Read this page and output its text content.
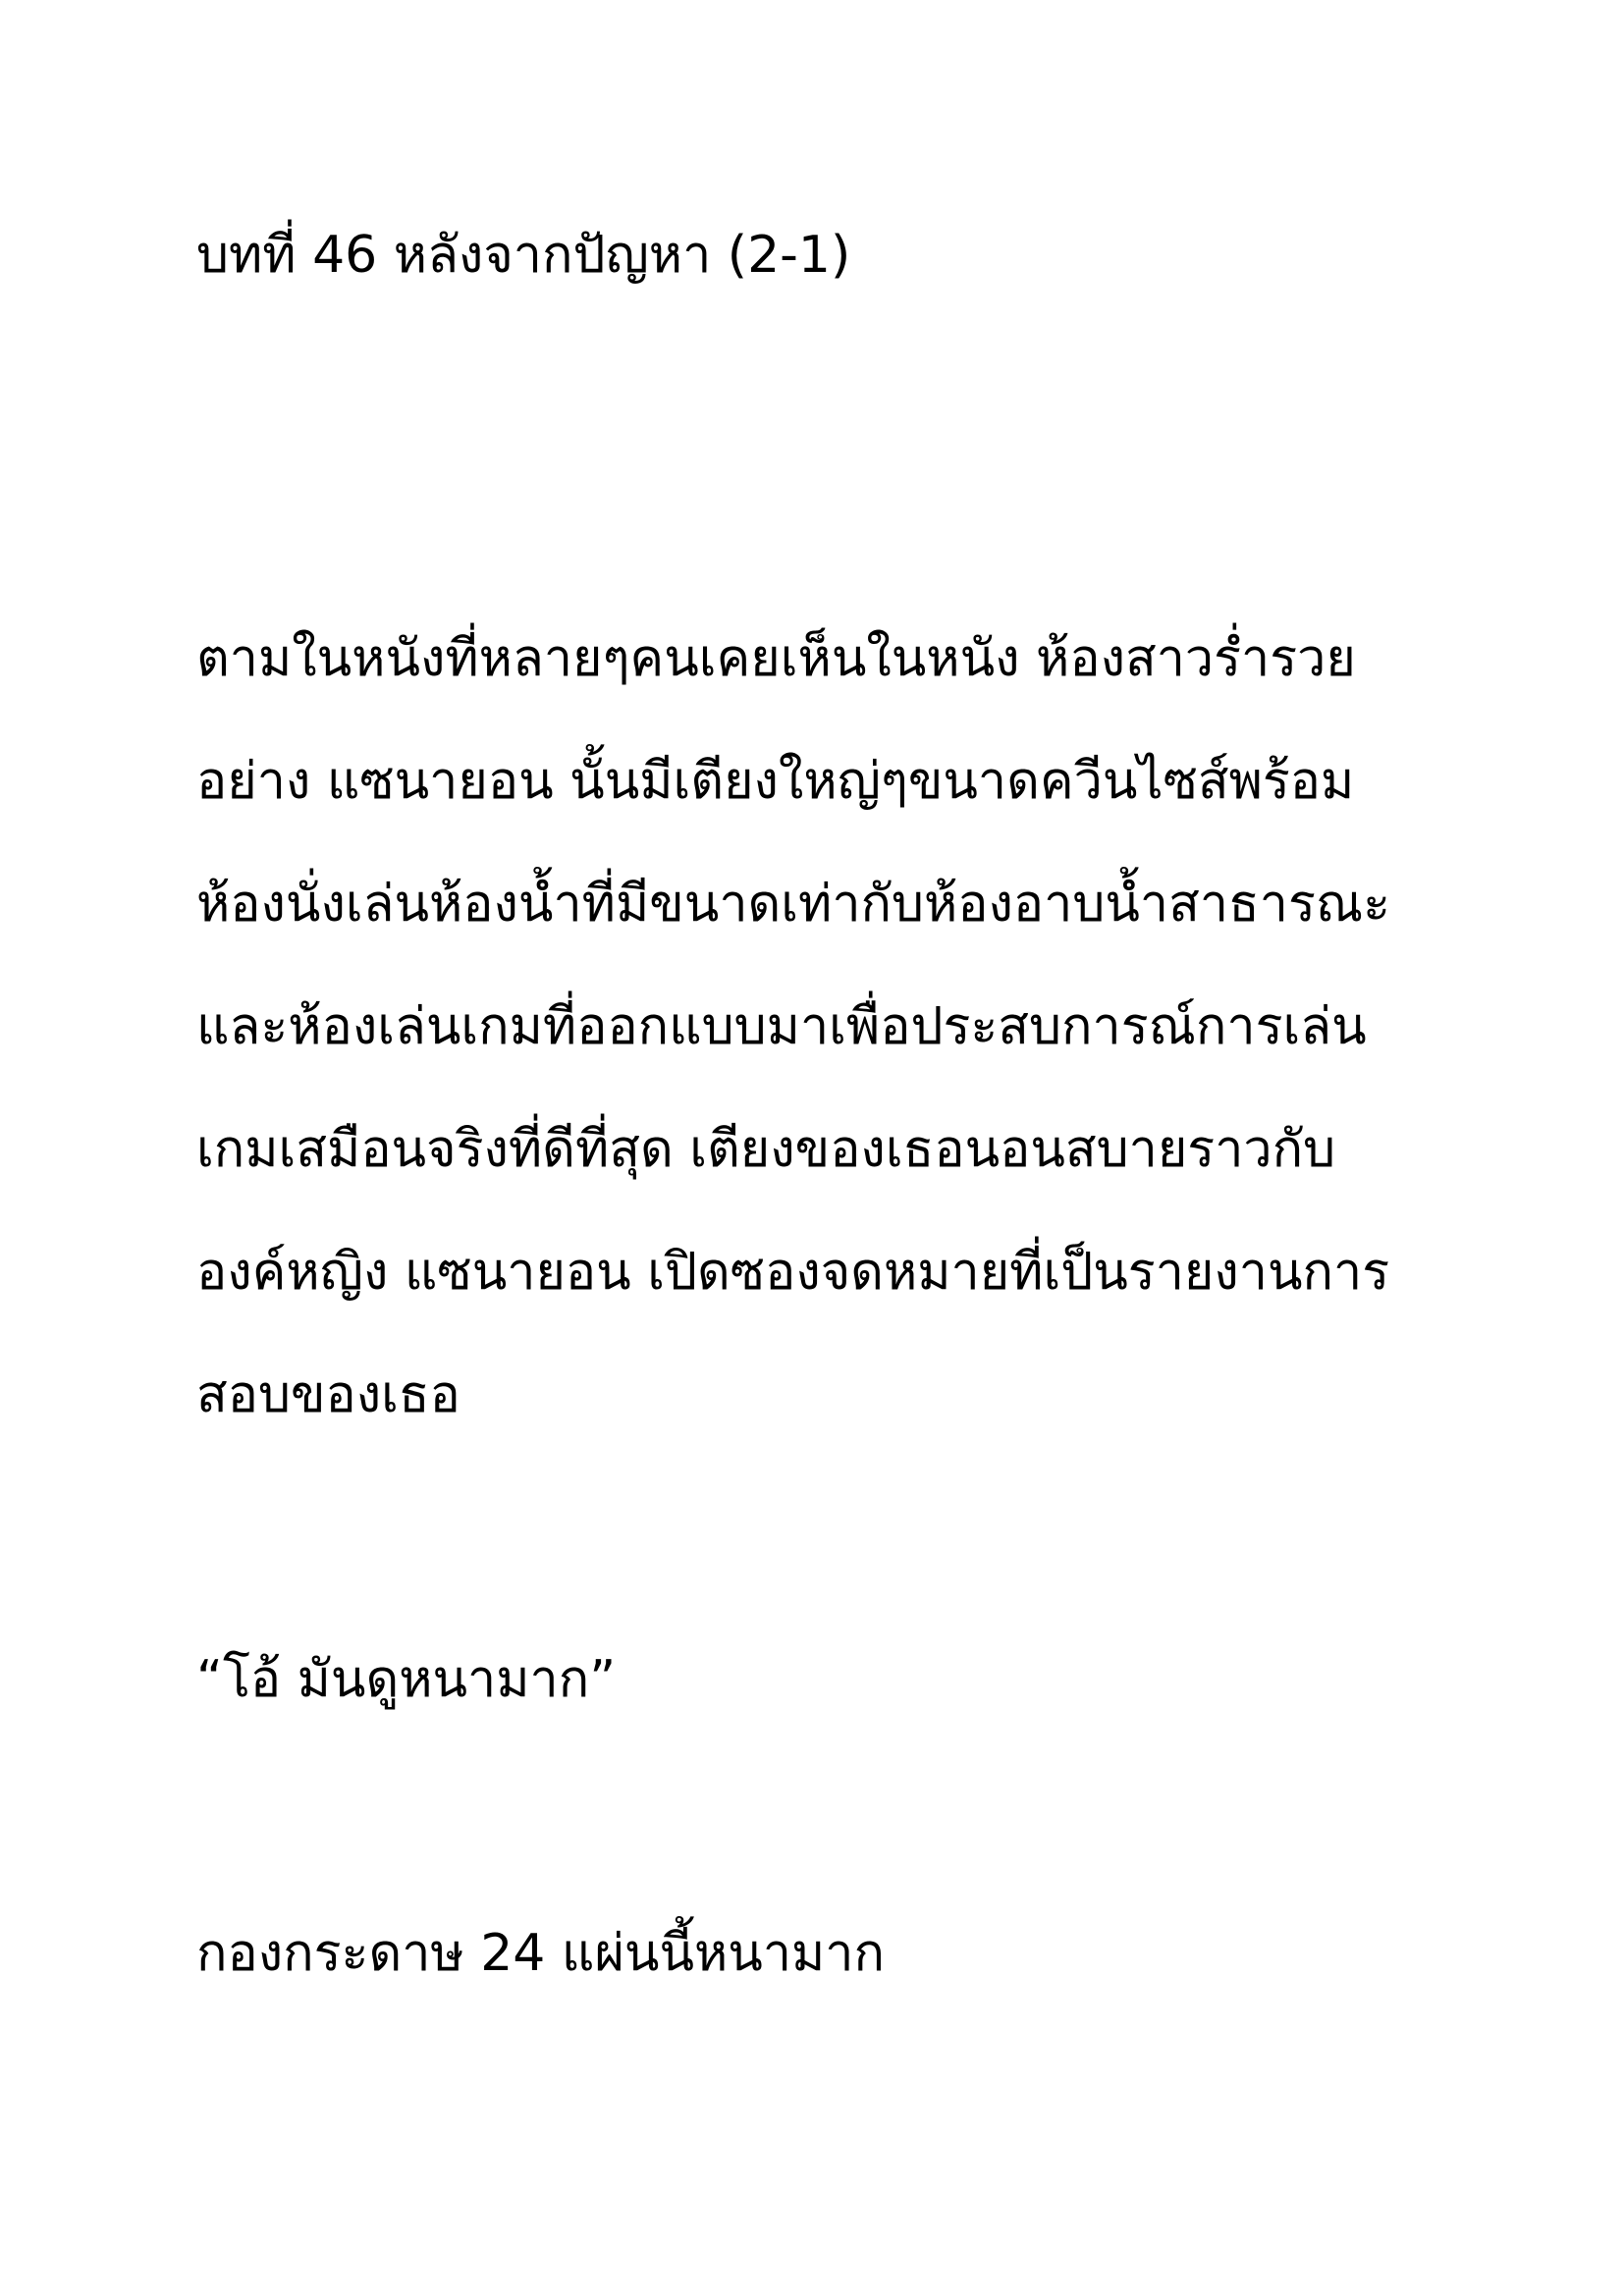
บทที่ 46 หลังจากปัญหา (2-1)
ตามในหนังที่หลายๆคนเคยเห็นในหนัง ห้องสาวร่ำรวย
อย่าง แซนายอน นั้นมีเตียงใหญ่ๆขนาดควีนไซส์พร้อม
ห้องนั่งเล่นห้องน้ำที่มีขนาดเท่ากับห้องอาบน้ำสาธารณะ
และห้องเล่นเกมที่ออกแบบมาเพื่อประสบการณ์การเล่น
เกมเสมือนจริงที่ดีที่สุด เตียงของเธอนอนสบายราวกับ
องค์หญิง แซนายอน เปิดซองจดหมายที่เป็นรายงานการ
สอบของเธอ
“โอ้ มันดูหนามาก”
กองกระดาษ 24 แผ่นนี้หนามาก
